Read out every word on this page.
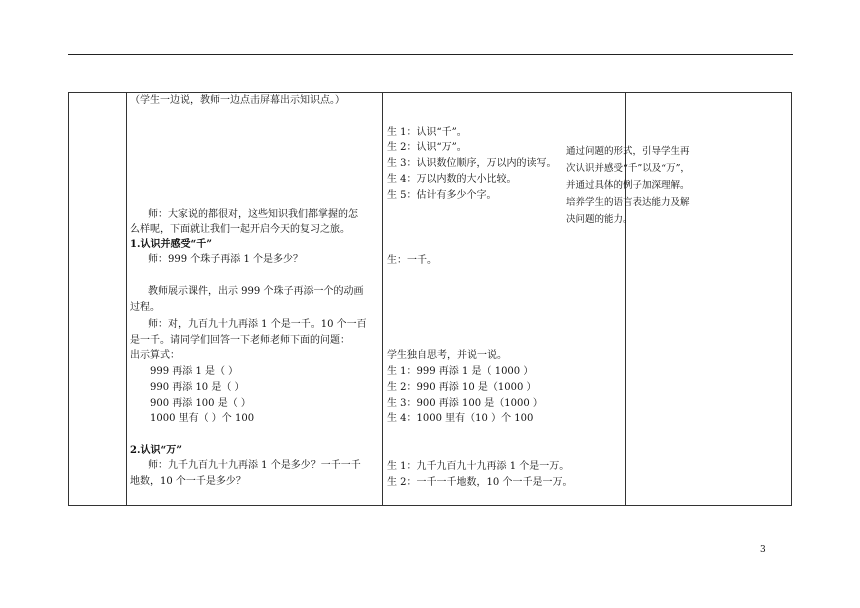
（学生一边说，教师一边点击屏幕出示知识点。）
师：大家说的都很对，这些知识我们都掌握的怎
么样呢，下面就让我们一起开启今天的复习之旅。
1.认识并感受“千”
师：999 个珠子再添 1 个是多少？
教师展示课件，出示 999 个珠子再添一个的动画
过程。
师：对，九百九十九再添 1 个是一千。10 个一百
是一千。请同学们回答一下老师老师下面的问题：
出示算式：
999 再添 1 是（ ）
990 再添 10 是（ ）
900 再添 100 是（ ）
1000 里有（ ）个 100
2.认识“万”
师：九千九百九十九再添 1 个是多少？一千一千
地数，10 个一千是多少？
生 1：认识“千”。
生 2：认识“万”。
生 3：认识数位顺序，万以内的读写。
生 4：万以内数的大小比较。
生 5：估计有多少个字。
生：一千。
学生独自思考，并说一说。
生 1：999 再添 1 是（ 1000 ）
生 2：990 再添 10 是（1000 ）
生 3：900 再添 100 是（1000 ）
生 4：1000 里有（10 ）个 100
生 1：九千九百九十九再添 1 个是一万。
生 2：一千一千地数，10 个一千是一万。
通过问题的形式，引导学生再次认识并感受“千”以及“万”，并通过具体的例子加深理解。培养学生的语言表达能力及解决问题的能力。
3
